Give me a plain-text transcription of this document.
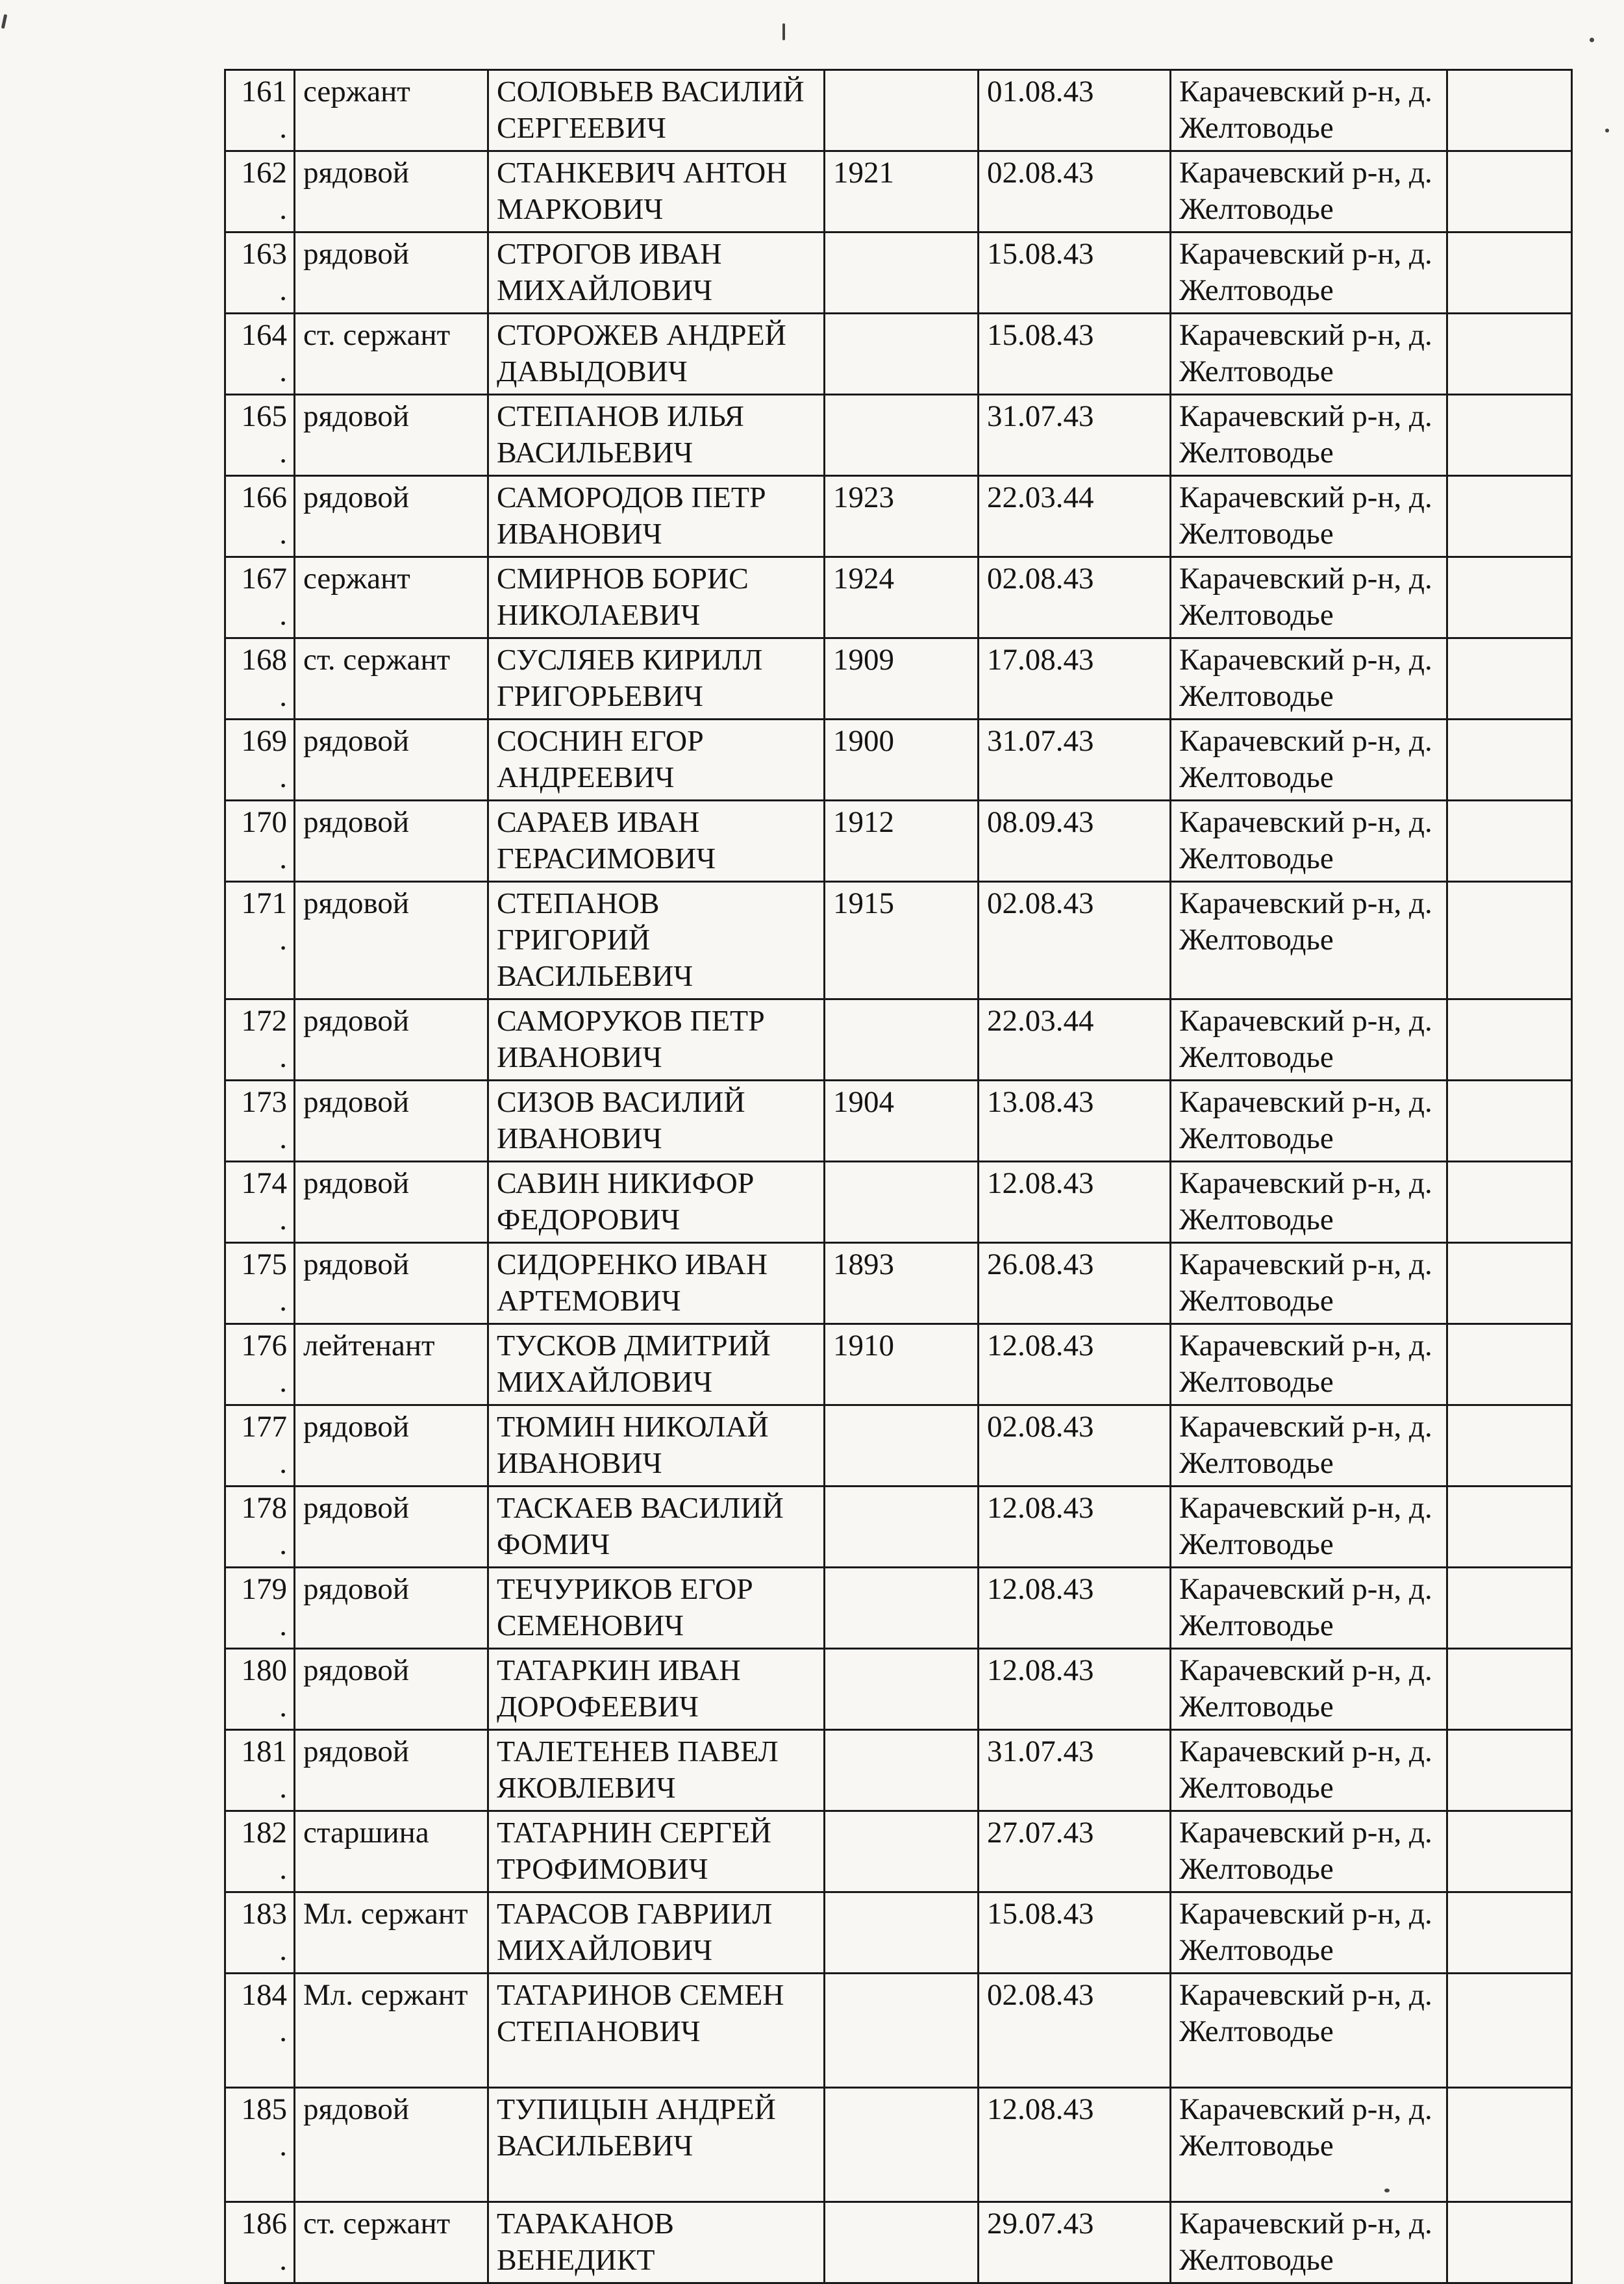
161.	сержант	СОЛОВЬЕВ ВАСИЛИЙ СЕРГЕЕВИЧ		01.08.43	Карачевский р-н, д. Желтоводье	
162.	рядовой	СТАНКЕВИЧ АНТОН МАРКОВИЧ	1921	02.08.43	Карачевский р-н, д. Желтоводье	
163.	рядовой	СТРОГОВ ИВАН МИХАЙЛОВИЧ		15.08.43	Карачевский р-н, д. Желтоводье	
164.	ст. сержант	СТОРОЖЕВ АНДРЕЙ ДАВЫДОВИЧ		15.08.43	Карачевский р-н, д. Желтоводье	
165.	рядовой	СТЕПАНОВ ИЛЬЯ ВАСИЛЬЕВИЧ		31.07.43	Карачевский р-н, д. Желтоводье	
166.	рядовой	САМОРОДОВ ПЕТР ИВАНОВИЧ	1923	22.03.44	Карачевский р-н, д. Желтоводье	
167.	сержант	СМИРНОВ БОРИС НИКОЛАЕВИЧ	1924	02.08.43	Карачевский р-н, д. Желтоводье	
168.	ст. сержант	СУСЛЯЕВ КИРИЛЛ ГРИГОРЬЕВИЧ	1909	17.08.43	Карачевский р-н, д. Желтоводье	
169.	рядовой	СОСНИН ЕГОР АНДРЕЕВИЧ	1900	31.07.43	Карачевский р-н, д. Желтоводье	
170.	рядовой	САРАЕВ ИВАН ГЕРАСИМОВИЧ	1912	08.09.43	Карачевский р-н, д. Желтоводье	
171.	рядовой	СТЕПАНОВ ГРИГОРИЙ ВАСИЛЬЕВИЧ	1915	02.08.43	Карачевский р-н, д. Желтоводье	
172.	рядовой	САМОРУКОВ ПЕТР ИВАНОВИЧ		22.03.44	Карачевский р-н, д. Желтоводье	
173.	рядовой	СИЗОВ ВАСИЛИЙ ИВАНОВИЧ	1904	13.08.43	Карачевский р-н, д. Желтоводье	
174.	рядовой	САВИН НИКИФОР ФЕДОРОВИЧ		12.08.43	Карачевский р-н, д. Желтоводье	
175.	рядовой	СИДОРЕНКО ИВАН АРТЕМОВИЧ	1893	26.08.43	Карачевский р-н, д. Желтоводье	
176.	лейтенант	ТУСКОВ ДМИТРИЙ МИХАЙЛОВИЧ	1910	12.08.43	Карачевский р-н, д. Желтоводье	
177.	рядовой	ТЮМИН НИКОЛАЙ ИВАНОВИЧ		02.08.43	Карачевский р-н, д. Желтоводье	
178.	рядовой	ТАСКАЕВ ВАСИЛИЙ ФОМИЧ		12.08.43	Карачевский р-н, д. Желтоводье	
179.	рядовой	ТЕЧУРИКОВ ЕГОР СЕМЕНОВИЧ		12.08.43	Карачевский р-н, д. Желтоводье	
180.	рядовой	ТАТАРКИН ИВАН ДОРОФЕЕВИЧ		12.08.43	Карачевский р-н, д. Желтоводье	
181.	рядовой	ТАЛЕТЕНЕВ ПАВЕЛ ЯКОВЛЕВИЧ		31.07.43	Карачевский р-н, д. Желтоводье	
182.	старшина	ТАТАРНИН СЕРГЕЙ ТРОФИМОВИЧ		27.07.43	Карачевский р-н, д. Желтоводье	
183.	Мл. сержант	ТАРАСОВ ГАВРИИЛ МИХАЙЛОВИЧ		15.08.43	Карачевский р-н, д. Желтоводье	
184.	Мл. сержант	ТАТАРИНОВ СЕМЕН СТЕПАНОВИЧ		02.08.43	Карачевский р-н, д. Желтоводье	
185.	рядовой	ТУПИЦЫН АНДРЕЙ ВАСИЛЬЕВИЧ		12.08.43	Карачевский р-н, д. Желтоводье	
186.	ст. сержант	ТАРАКАНОВ ВЕНЕДИКТ		29.07.43	Карачевский р-н, д. Желтоводье	
